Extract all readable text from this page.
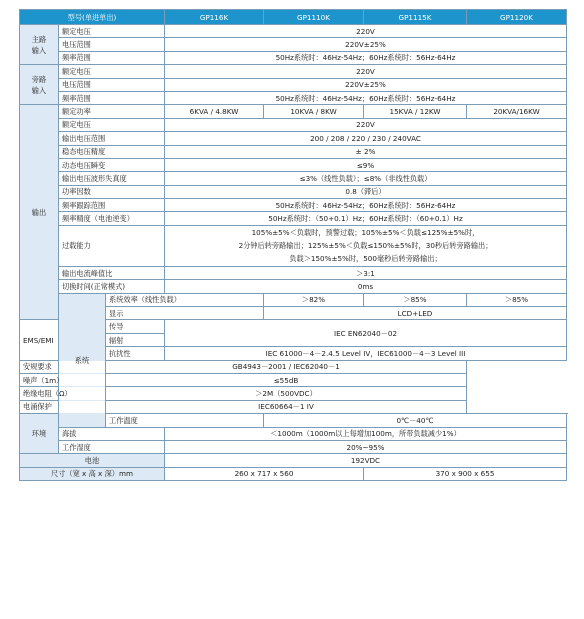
型号(单进单出)			GP116K	GP1110K	GP1115K	GP1120K	
主路
输入	额定电压		220V				
	电压范围		220V±25%				
	频率范围		50Hz系统时：46Hz-54Hz；60Hz系统时：56Hz-64Hz				
旁路
输入	额定电压		220V				
	电压范围		220V±25%				
	频率范围		50Hz系统时：46Hz-54Hz；60Hz系统时：56Hz-64Hz				
输出	额定功率		6KVA / 4.8KW	10KVA / 8KW	15KVA / 12KW	20KVA/16KW	
	额定电压		220V				
	输出电压范围		200 / 208 / 220 / 230 / 240VAC				
	稳态电压精度		± 2%				
	动态电压瞬变		≤9%				
	输出电压波形失真度		≤3%（线性负载）；≤8%（非线性负载）				
	功率因数		0.8（滞后）				
	频率跟踪范围		50Hz系统时：46Hz-54Hz；60Hz系统时：56Hz-64Hz				
	频率精度（电池逆变）		50Hz系统时：（50+0.1）Hz；60Hz系统时：（60+0.1）Hz				
	过载能力		105%±5%＜负载时，预警过载；105%±5%＜负载≤125%±5%时，
2分钟后转旁路输出；125%±5%＜负载≤150%±5%时，30秒后转旁路输出；
负载＞150%±5%时，500毫秒后转旁路输出；				

	输出电流峰值比		＞3:1				
	切换时间(正常模式)		0ms				
	系统	系统效率（线性负载）		＞82%	＞85%	＞85%	
		显示		LCD+LED			
EMS/EMI		传导	IEC EN62040－02				
		辐射					
		抗扰性	IEC 61000－4－2.4.5 Level IV，IEC61000－4－3 Level III				
安规要求		GB4943－2001 / IEC62040－1					
噪声（1m）		≤55dB					
绝缘电阻（Ω）		＞2M（500VDC）					
电涌保护		IEC60664－1 IV					
环境		工作温度		0℃－40℃			
	海拔		＜1000m（1000m以上每增加100m，所带负载减少1%）				
	工作湿度		20%~95%				
电池			192VDC				
尺寸（宽 x 高 x 深）mm			260 x 717 x 560		370 x 900 x 655		
